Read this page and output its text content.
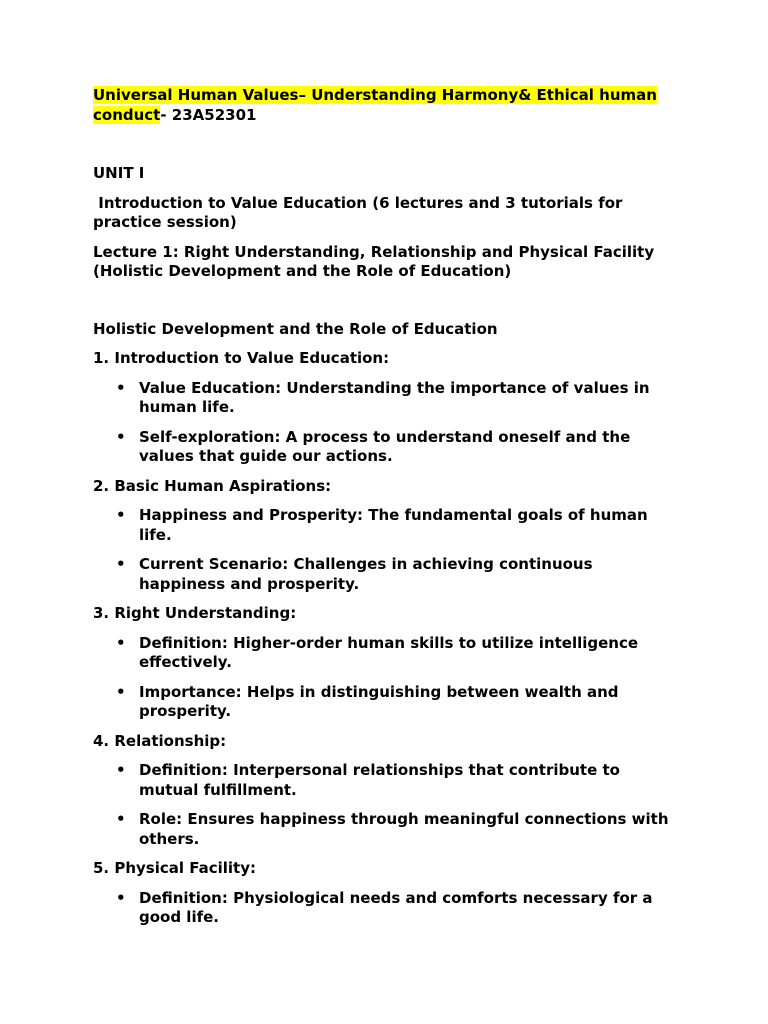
Universal Human Values– Understanding Harmony& Ethical human conduct- 23A52301

UNIT I
Introduction to Value Education (6 lectures and 3 tutorials for practice session)
Lecture 1: Right Understanding, Relationship and Physical Facility (Holistic Development and the Role of Education)
Holistic Development and the Role of Education
1. Introduction to Value Education:
• Value Education: Understanding the importance of values in human life.
• Self-exploration: A process to understand oneself and the values that guide our actions.
2. Basic Human Aspirations:
• Happiness and Prosperity: The fundamental goals of human life.
• Current Scenario: Challenges in achieving continuous happiness and prosperity.
3. Right Understanding:
• Definition: Higher-order human skills to utilize intelligence effectively.
• Importance: Helps in distinguishing between wealth and prosperity.
4. Relationship:
• Definition: Interpersonal relationships that contribute to mutual fulfillment.
• Role: Ensures happiness through meaningful connections with others.
5. Physical Facility:
• Definition: Physiological needs and comforts necessary for a good life.
